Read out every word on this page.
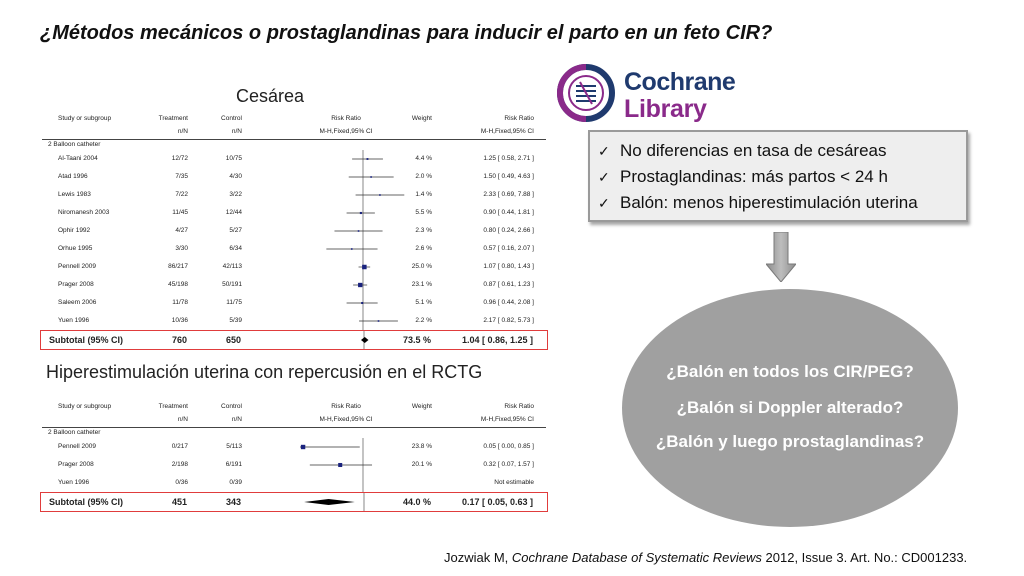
¿Métodos mecánicos o prostaglandinas para inducir el parto en un feto CIR?
Cesárea
Study or subgroup	Treatment	Control	Risk Ratio	Weight	Risk Ratio
n/N	n/N	M-H,Fixed,95% CI	M-H,Fixed,95% CI
2 Balloon catheter
Al-Taani 2004	12/72	10/75	4.4 %	1.25 [ 0.58, 2.71 ]
Atad 1996	7/35	4/30	2.0 %	1.50 [ 0.49, 4.63 ]
Lewis 1983	7/22	3/22	1.4 %	2.33 [ 0.69, 7.88 ]
Niromanesh 2003	11/45	12/44	5.5 %	0.90 [ 0.44, 1.81 ]
Ophir 1992	4/27	5/27	2.3 %	0.80 [ 0.24, 2.66 ]
Orhue 1995	3/30	6/34	2.6 %	0.57 [ 0.16, 2.07 ]
Pennell 2009	86/217	42/113	25.0 %	1.07 [ 0.80, 1.43 ]
Prager 2008	45/198	50/191	23.1 %	0.87 [ 0.61, 1.23 ]
Saleem 2006	11/78	11/75	5.1 %	0.96 [ 0.44, 2.08 ]
Yuen 1996	10/36	5/39	2.2 %	2.17 [ 0.82, 5.73 ]
Subtotal (95% CI)	760	650	73.5 %	1.04 [ 0.86, 1.25 ]
Hiperestimulación uterina con repercusión en el RCTG
Study or subgroup	Treatment	Control	Risk Ratio	Weight	Risk Ratio
n/N	n/N	M-H,Fixed,95% CI	M-H,Fixed,95% CI
2 Balloon catheter
Pennell 2009	0/217	5/113	23.8 %	0.05 [ 0.00, 0.85 ]
Prager 2008	2/198	6/191	20.1 %	0.32 [ 0.07, 1.57 ]
Yuen 1996	0/36	0/39	Not estimable
Subtotal (95% CI)	451	343	44.0 %	0.17 [ 0.05, 0.63 ]
Cochrane
Library
✓ No diferencias en tasa de cesáreas
✓ Prostaglandinas: más partos < 24 h
✓ Balón: menos hiperestimulación uterina
¿Balón en todos los CIR/PEG?
¿Balón si Doppler alterado?
¿Balón y luego prostaglandinas?
Jozwiak M, Cochrane Database of Systematic Reviews 2012, Issue 3. Art. No.: CD001233.
